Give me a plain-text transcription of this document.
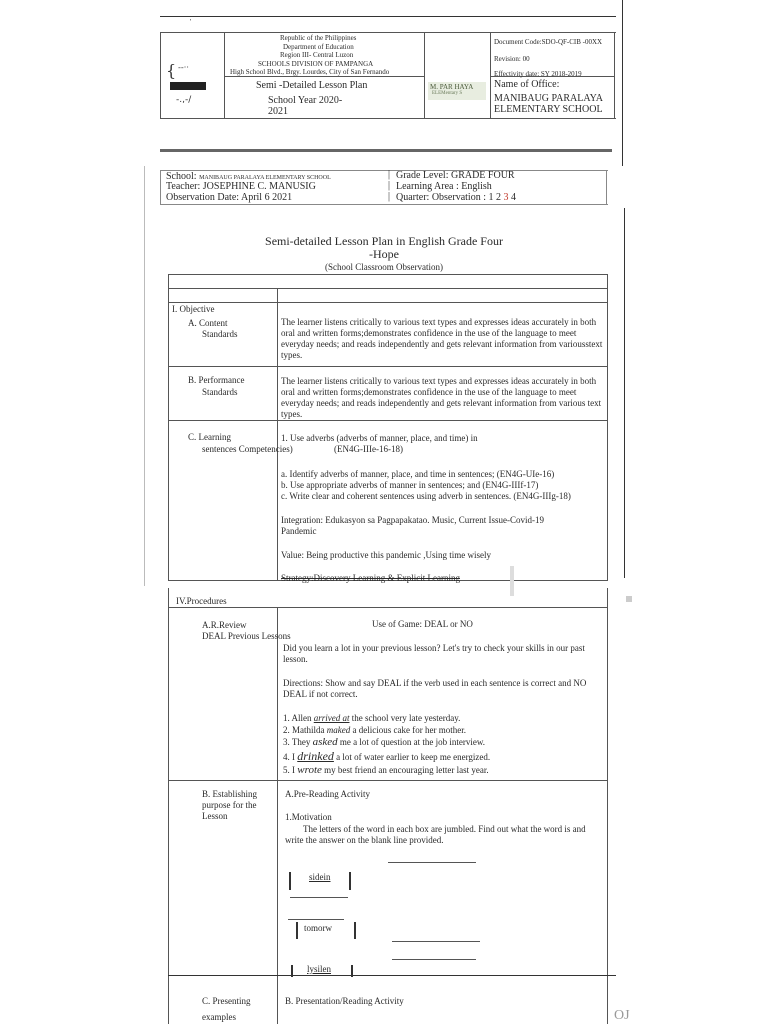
'
{ --··
-.,-/
Republic of the Philippines
Department of Education
Region III- Central Luzon
SCHOOLS DIVISION OF PAMPANGA
High School Blvd., Brgy. Lourdes, City of San Fernando
Semi -Detailed Lesson Plan
School Year 2020-
2021
M. PAR HAYA
ELEMentary S
Document Code:SDO-QF-CIB -00XX
Revision: 00
Effectivity date: SY 2018-2019
Name of Office:
MANIBAUG PARALAYA
ELEMENTARY SCHOOL
School: MANIBAUG PARALAYA ELEMENTARY SCHOOL
Teacher: JOSEPHINE C. MANUSIG
Observation Date: April 6 2021
|
|
|
Grade Level: GRADE FOUR
Learning Area : English
Quarter: Observation : 1 2 3 4
Semi-detailed Lesson Plan in English Grade Four
-Hope
(School Classroom Observation)
I. Objective
A. Content
Standards
The learner listens critically to various text types and expresses ideas accurately in both oral and written forms;demonstrates confidence in the use of the language to meet everyday needs; and reads independently and gets relevant information from variousstext types.
B. Performance
Standards
The learner listens critically to various text types and expresses ideas accurately in both oral and written forms;demonstrates confidence in the use of the language to meet everyday needs; and reads independently and gets relevant information from various text types.
C. Learning
sentences Competencies)
1. Use adverbs (adverbs of manner, place, and time) in
(EN4G-IIIe-16-18)
a. Identify adverbs of manner, place, and time in sentences; (EN4G-UIe-16)
b. Use appropriate adverbs of manner in sentences; and (EN4G-IIIf-17)
c. Write clear and coherent sentences using adverb in sentences. (EN4G-IIIg-18)
Integration: Edukasyon sa Pagpapakatao. Music, Current Issue-Covid-19 Pandemic
Value: Being productive this pandemic ,Using time wisely
Strategy:Discovery Learning & Explicit Learning
IV.Procedures
A.R.Review
DEAL Previous Lessons
Use of Game: DEAL or NO
Did you learn a lot in your previous lesson? Let's try to check your skills in our past lesson.
Directions: Show and say DEAL if the verb used in each sentence is correct and NO DEAL if not correct.
1. Allen arrived at the school very late yesterday.
2. Mathilda maked a delicious cake for her mother.
3. They asked me a lot of question at the job interview.
4. I drinked a lot of water earlier to keep me energized.
5. I wrote my best friend an encouraging letter last year.
B. Establishing
purpose for the
Lesson
A.Pre-Reading Activity
1.Motivation
The letters of the word in each box are jumbled. Find out what the word is and write the answer on the blank line provided.
sidein
tomorw
lysilen
C. Presenting
examples
B. Presentation/Reading Activity
OJ
